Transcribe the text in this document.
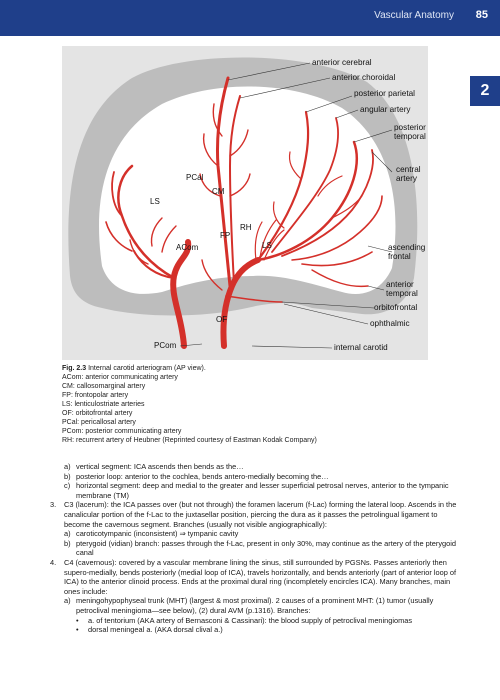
Vascular Anatomy 85
2
PCal
CM
LS
ACom
FP
RH
LS
OF
PCom
anterior cerebral
anterior choroidal
posterior parietal
angular artery
posterior
temporal
central
artery
ascending
frontal
anterior
temporal
orbitofrontal
ophthalmic
internal carotid
Fig. 2.3 Internal carotid arteriogram (AP view).
ACom: anterior communicating artery
CM: callosomarginal artery
FP: frontopolar artery
LS: lenticulostriate arteries
OF: orbitofrontal artery
PCal: pericallosal artery
PCom: posterior communicating artery
RH: recurrent artery of Heubner (Reprinted courtesy of Eastman Kodak Company)
a) vertical segment: ICA ascends then bends as the…
b) posterior loop: anterior to the cochlea, bends antero-medially becoming the…
c) horizontal segment: deep and medial to the greater and lesser superficial petrosal nerves, anterior to the tympanic membrane (TM)
3.	C3 (lacerum): the ICA passes over (but not through) the foramen lacerum (f-Lac) forming the lateral loop. Ascends in the canalicular portion of the f-Lac to the juxtasellar position, piercing the dura as it passes the petrolingual ligament to become the cavernous segment. Branches (usually not visible angiographically):
a) caroticotympanic (inconsistent) ⇒ tympanic cavity
b) pterygoid (vidian) branch: passes through the f-Lac, present in only 30%, may continue as the artery of the pterygoid canal
4.	C4 (cavernous): covered by a vascular membrane lining the sinus, still surrounded by PGSNs. Passes anteriorly then supero-medially, bends posteriorly (medial loop of ICA), travels horizontally, and bends anteriorly (part of anterior loop of ICA) to the anterior clinoid process. Ends at the proximal dural ring (incompletely encircles ICA). Many branches, main ones include:
a) meningohypophyseal trunk (MHT) (largest & most proximal). 2 causes of a prominent MHT: (1) tumor (usually petroclival meningioma—see below), (2) dural AVM (p.1316). Branches:
•	a. of tentorium (AKA artery of Bernasconi & Cassinari): the blood supply of petroclival meningiomas
•	dorsal meningeal a. (AKA dorsal clival a.)
